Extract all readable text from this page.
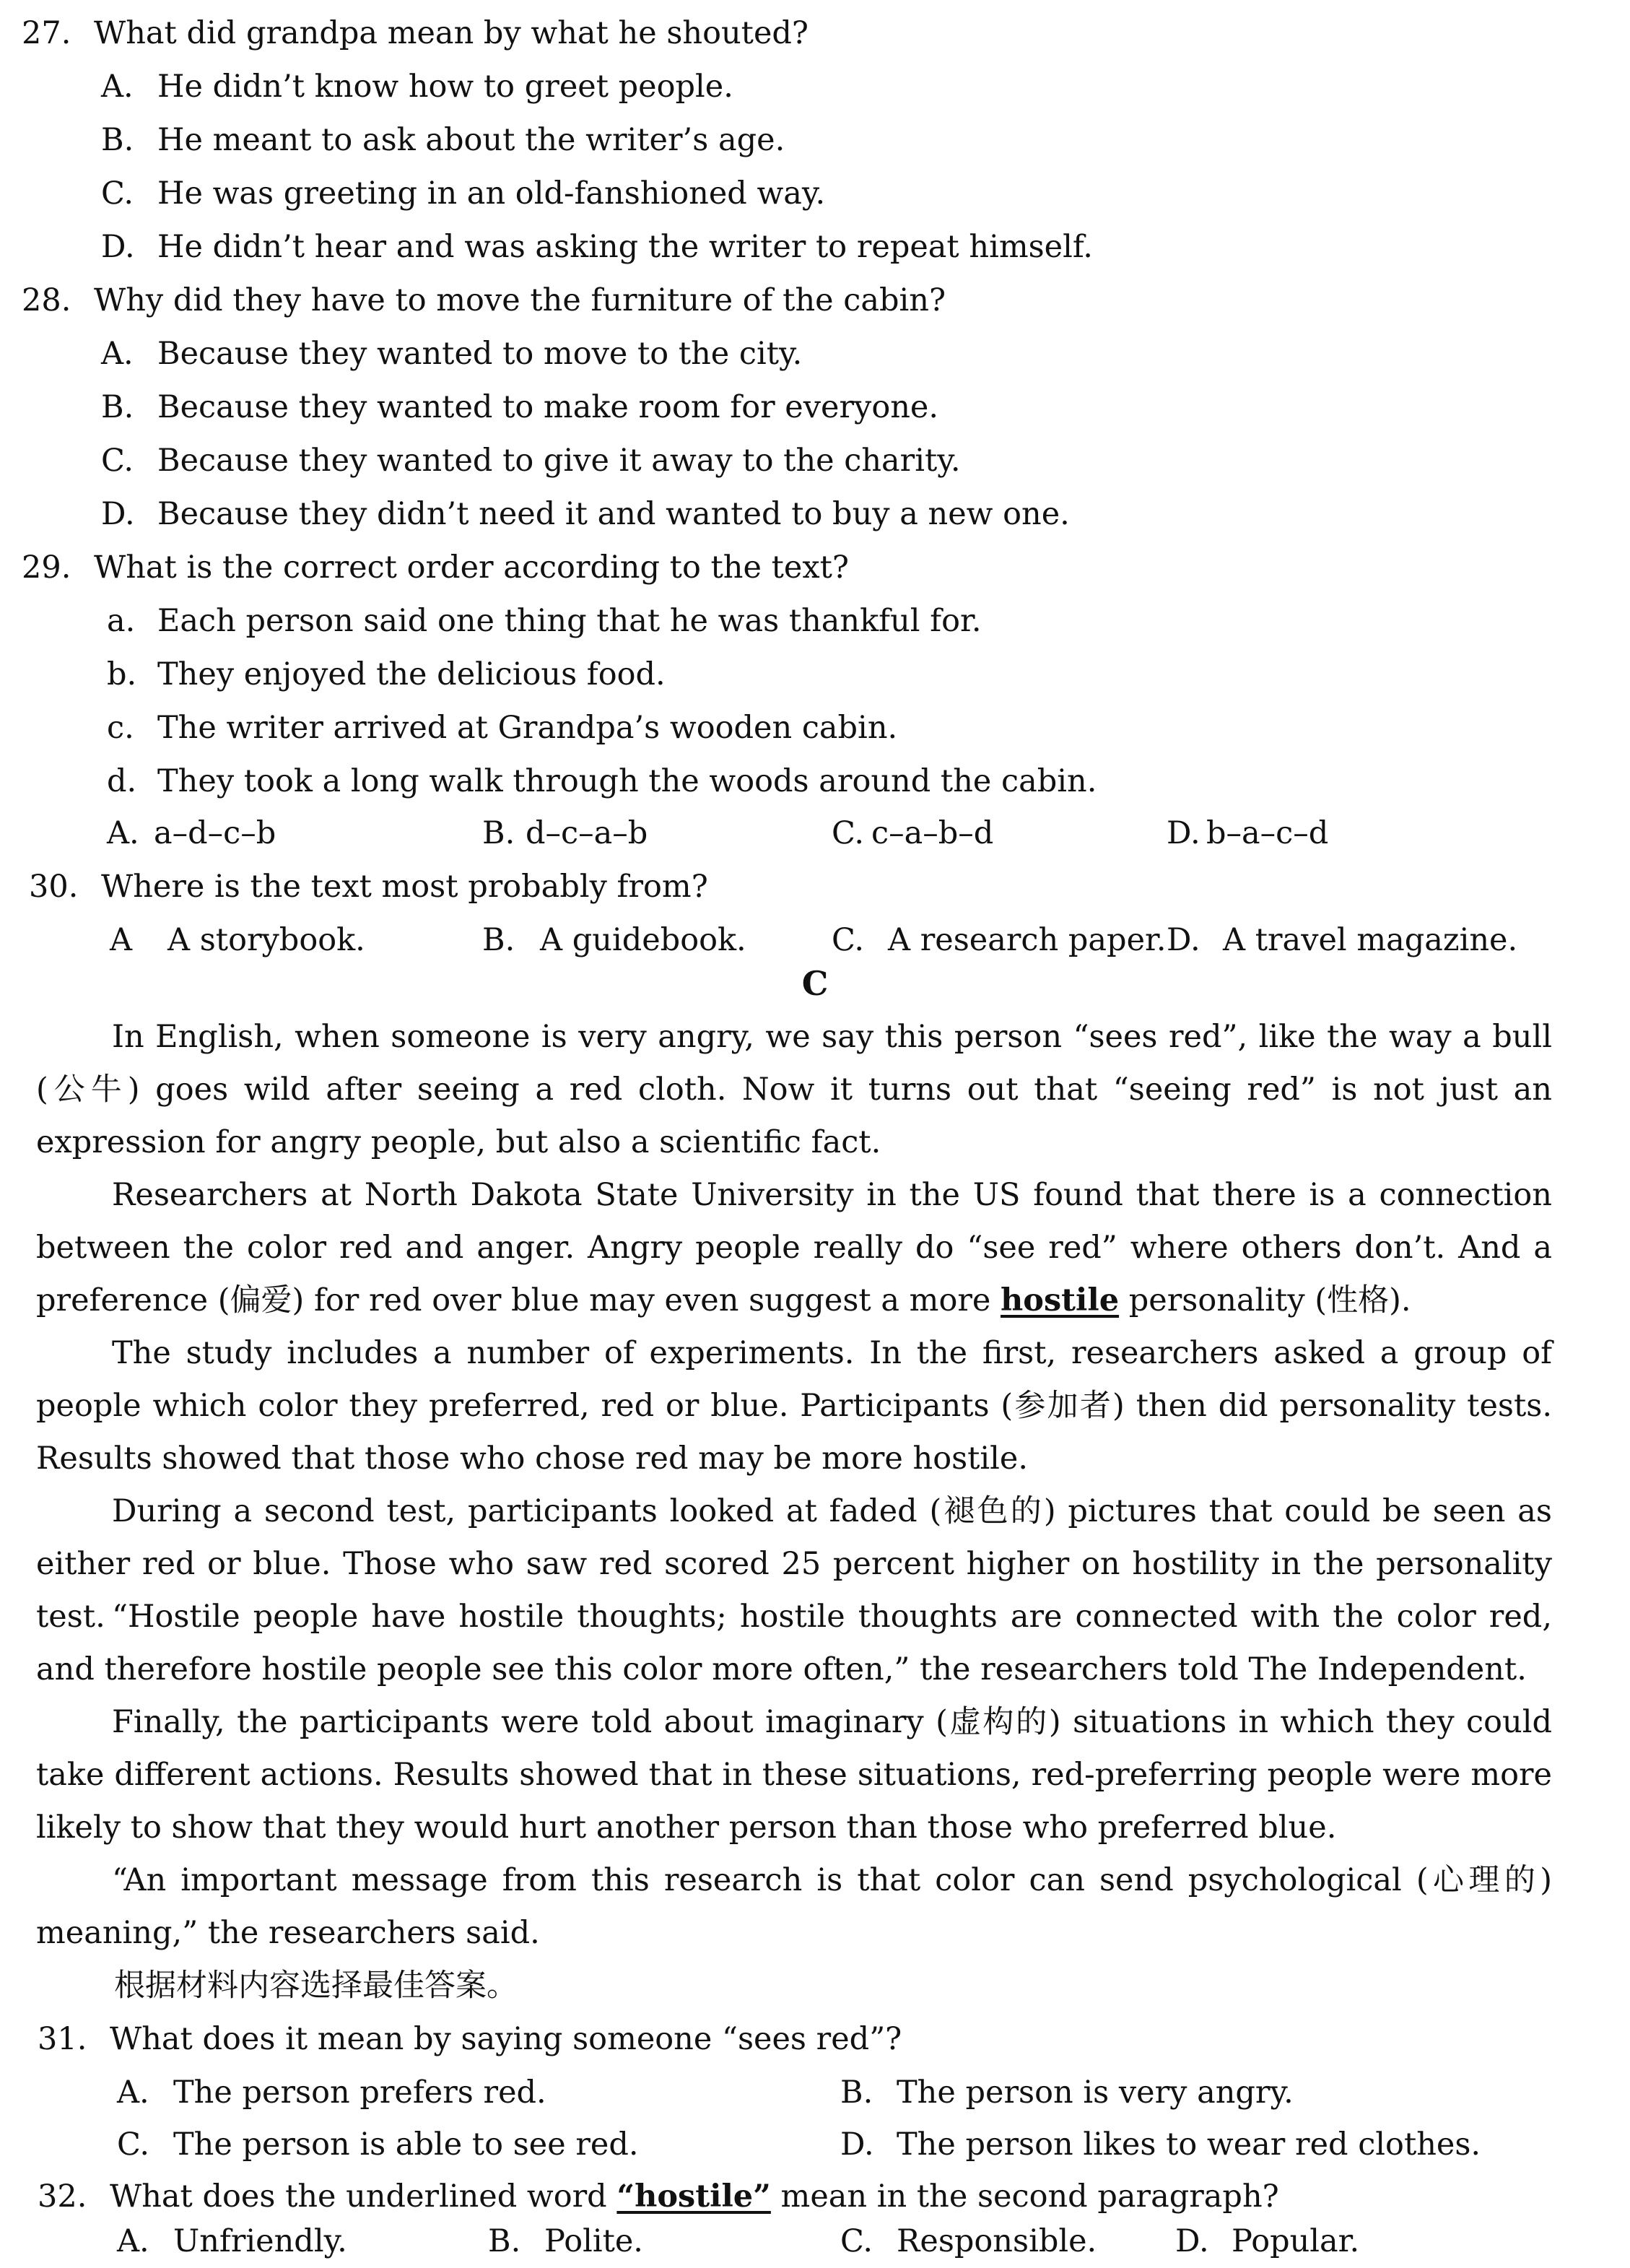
27. What did grandpa mean by what he shouted?
A. He didn’t know how to greet people.
B. He meant to ask about the writer’s age.
C. He was greeting in an old-fanshioned way.
D. He didn’t hear and was asking the writer to repeat himself.
28. Why did they have to move the furniture of the cabin?
A. Because they wanted to move to the city.
B. Because they wanted to make room for everyone.
C. Because they wanted to give it away to the charity.
D. Because they didn’t need it and wanted to buy a new one.
29. What is the correct order according to the text?
a. Each person said one thing that he was thankful for.
b. They enjoyed the delicious food.
c. The writer arrived at Grandpa’s wooden cabin.
d. They took a long walk through the woods around the cabin.
A. a–d–c–b	B. d–c–a–b	C. c–a–b–d	D. b–a–c–d
30. Where is the text most probably from?
A A storybook.	B. A guidebook.	C. A research paper. D. A travel magazine.
C
In English, when someone is very angry, we say this person “sees red”, like the way a bull (公牛) goes wild after seeing a red cloth. Now it turns out that “seeing red” is not just an expression for angry people, but also a scientific fact.
Researchers at North Dakota State University in the US found that there is a connection between the color red and anger. Angry people really do “see red” where others don’t. And a preference (偏爱) for red over blue may even suggest a more hostile personality (性格).
The study includes a number of experiments. In the first, researchers asked a group of people which color they preferred, red or blue. Participants (参加者) then did personality tests. Results showed that those who chose red may be more hostile.
During a second test, participants looked at faded (褪色的) pictures that could be seen as either red or blue. Those who saw red scored 25 percent higher on hostility in the personality test. “Hostile people have hostile thoughts; hostile thoughts are connected with the color red, and therefore hostile people see this color more often,” the researchers told The Independent.
Finally, the participants were told about imaginary (虚构的) situations in which they could take different actions. Results showed that in these situations, red-preferring people were more likely to show that they would hurt another person than those who preferred blue.
“An important message from this research is that color can send psychological (心理的) meaning,” the researchers said.
根据材料内容选择最佳答案。
31. What does it mean by saying someone “sees red”?
A. The person prefers red.	B. The person is very angry.
C. The person is able to see red.	D. The person likes to wear red clothes.
32. What does the underlined word “hostile” mean in the second paragraph?
A. Unfriendly.	B. Polite.	C. Responsible.	D. Popular.
